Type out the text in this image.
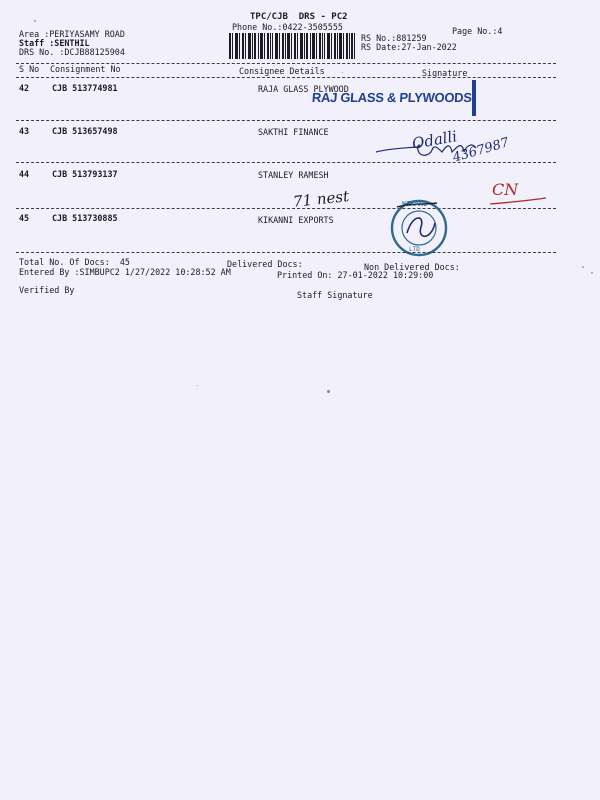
TPC/CJB  DRS - PC2
Phone No.:0422-3505555	Page No.:4
Area :PERIYASAMY ROAD
Staff :SENTHIL
DRS No. :DCJB88125904
RS No.:881259
RS Date:27-Jan-2022
Consignee Details	Signature
S No Consignment No
42	CJB 513774981	RAJA GLASS PLYWOOD
RAJ GLASS & PLYWOODS
43	CJB 513657498	SAKTHI FINANCE	Odalli
4367987
44	CJB 513793137	STANLEY RAMESH
71 nest	CN
45	CJB 513730885	KIKANNI EXPORTS
KIKANI
LTD
Total No. Of Docs:  45	Delivered Docs:	Non Delivered Docs:
Entered By :SIMBUPC2 1/27/2022 10:28:52 AM	Printed On: 27-01-2022 10:29:00
Verified By	Staff Signature
